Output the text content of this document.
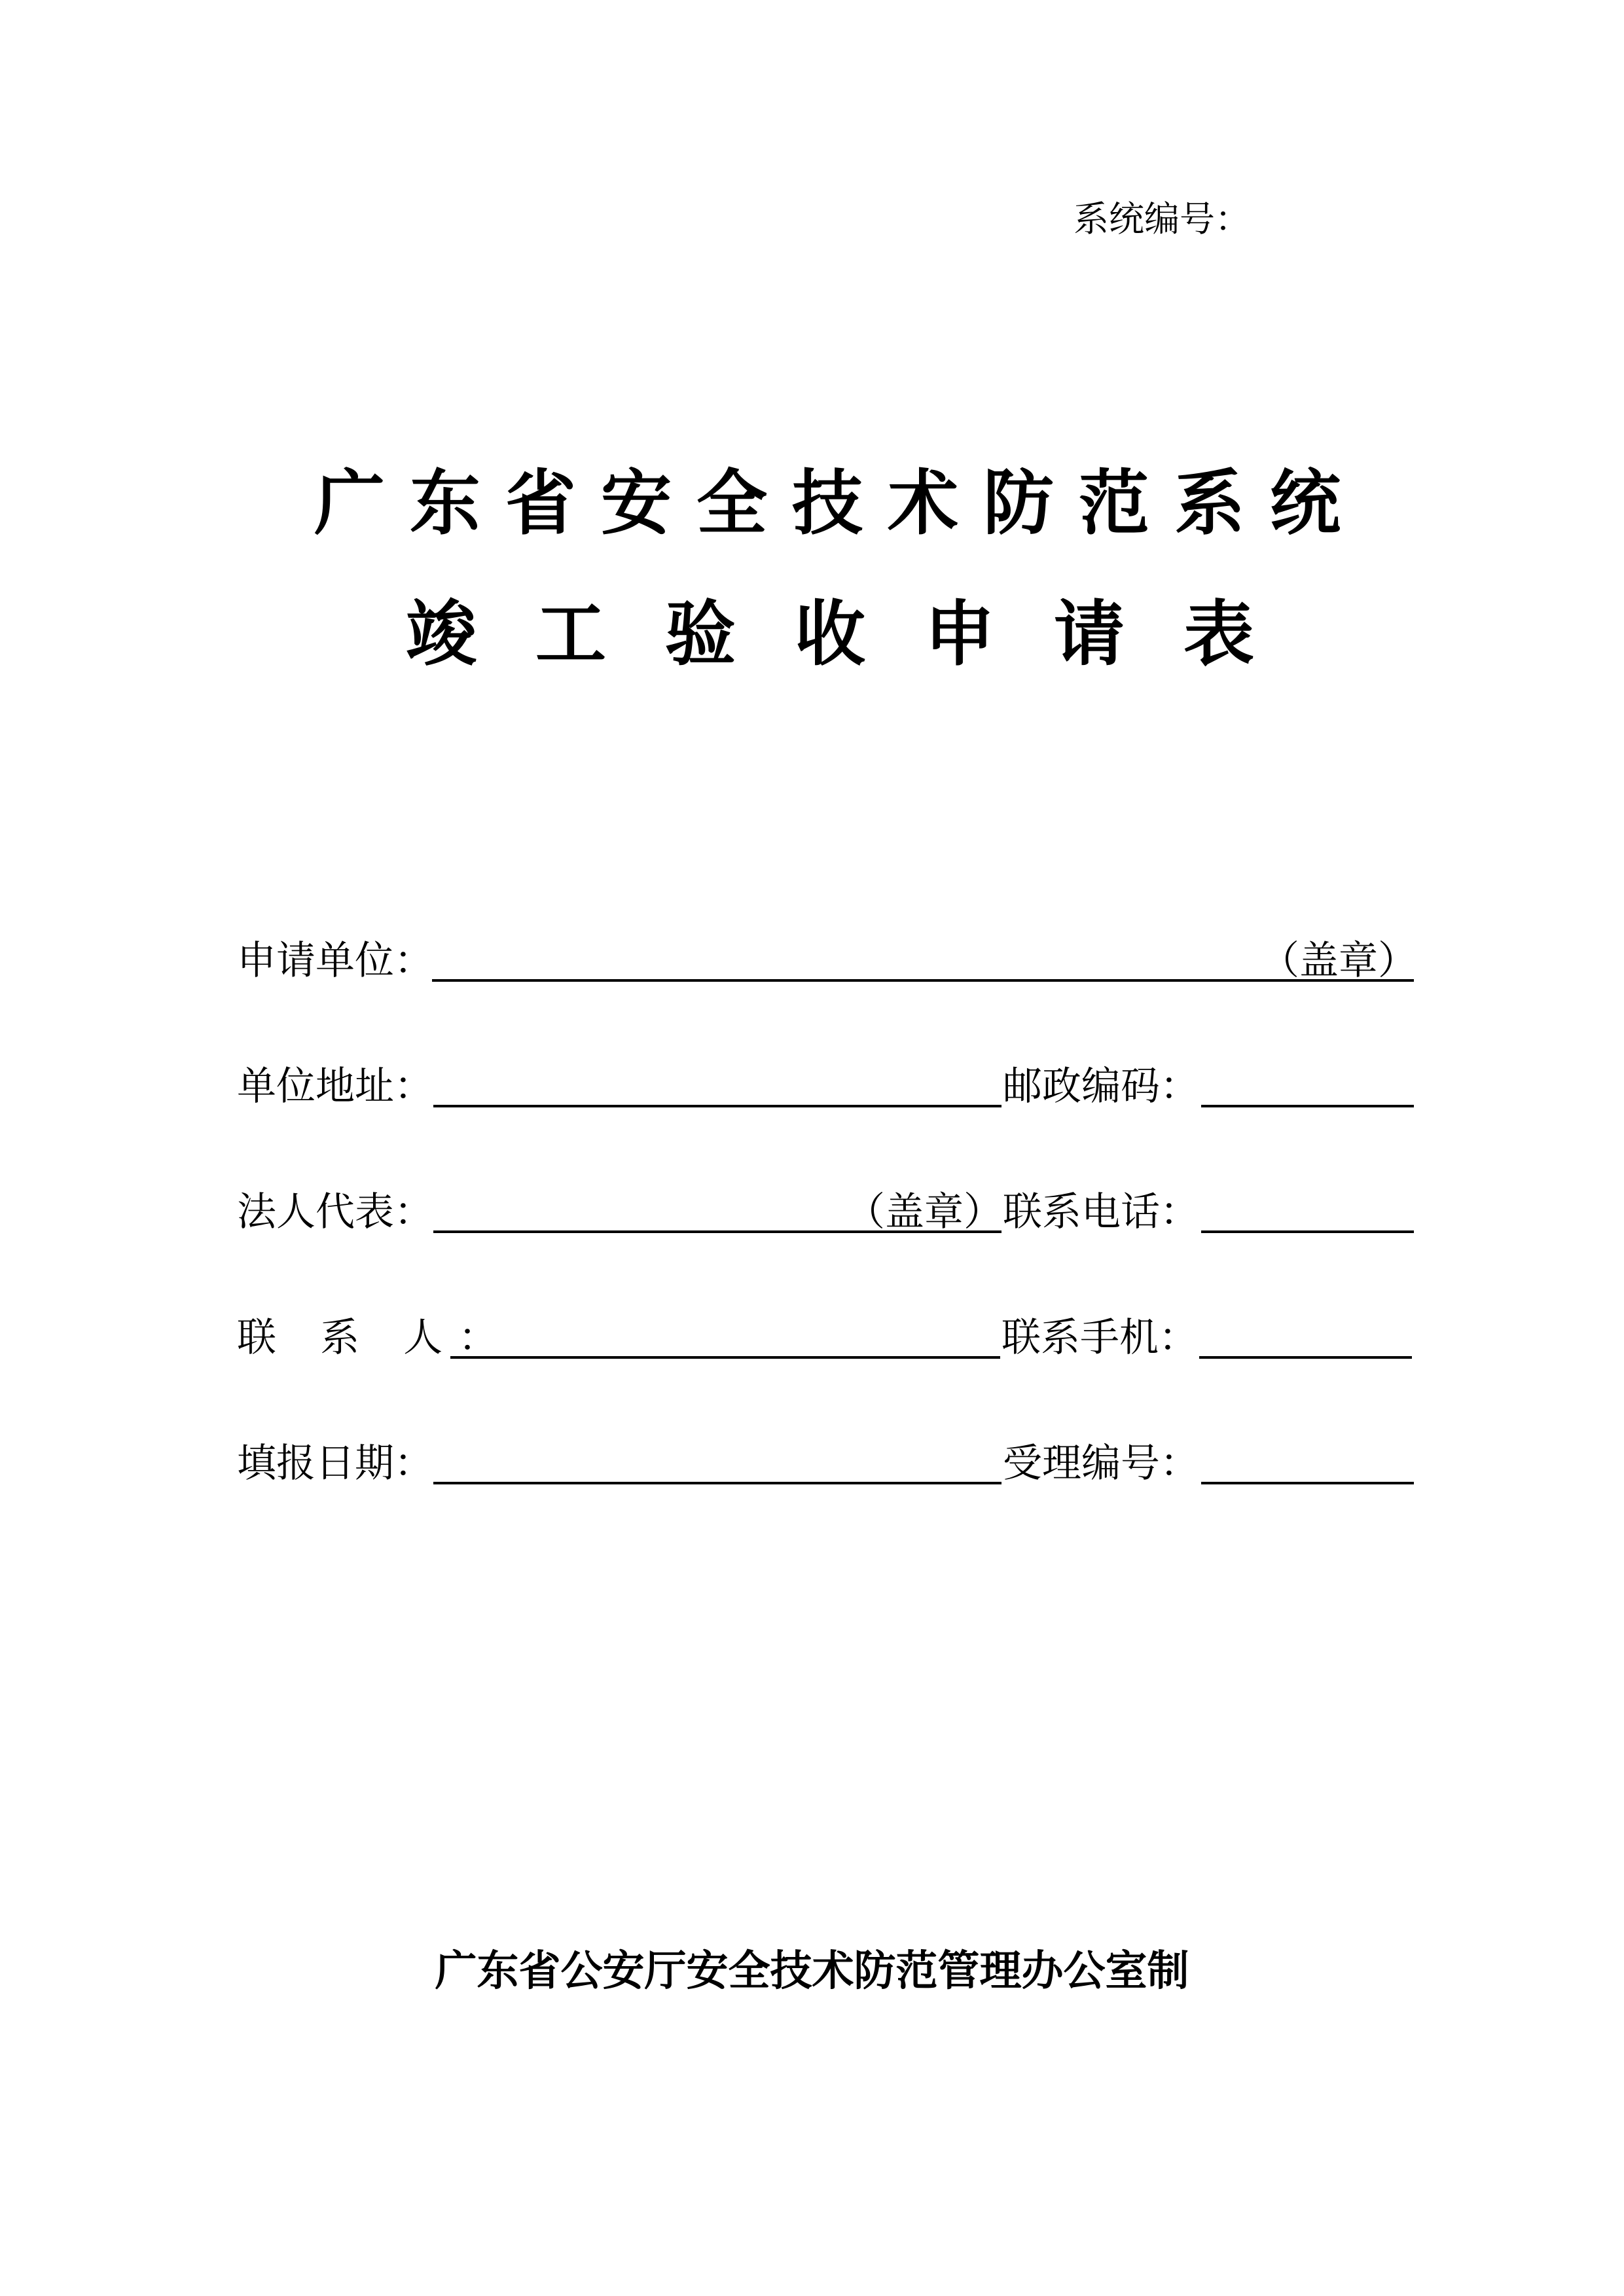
系统编号：
广东省安全技术防范系统
竣工验收申请表
申请单位：	（盖章）
单位地址：	邮政编码：
法人代表：	（盖章） 联系电话：
联 系 人：	联系手机：
填报日期：	受理编号：
广东省公安厅安全技术防范管理办公室制
